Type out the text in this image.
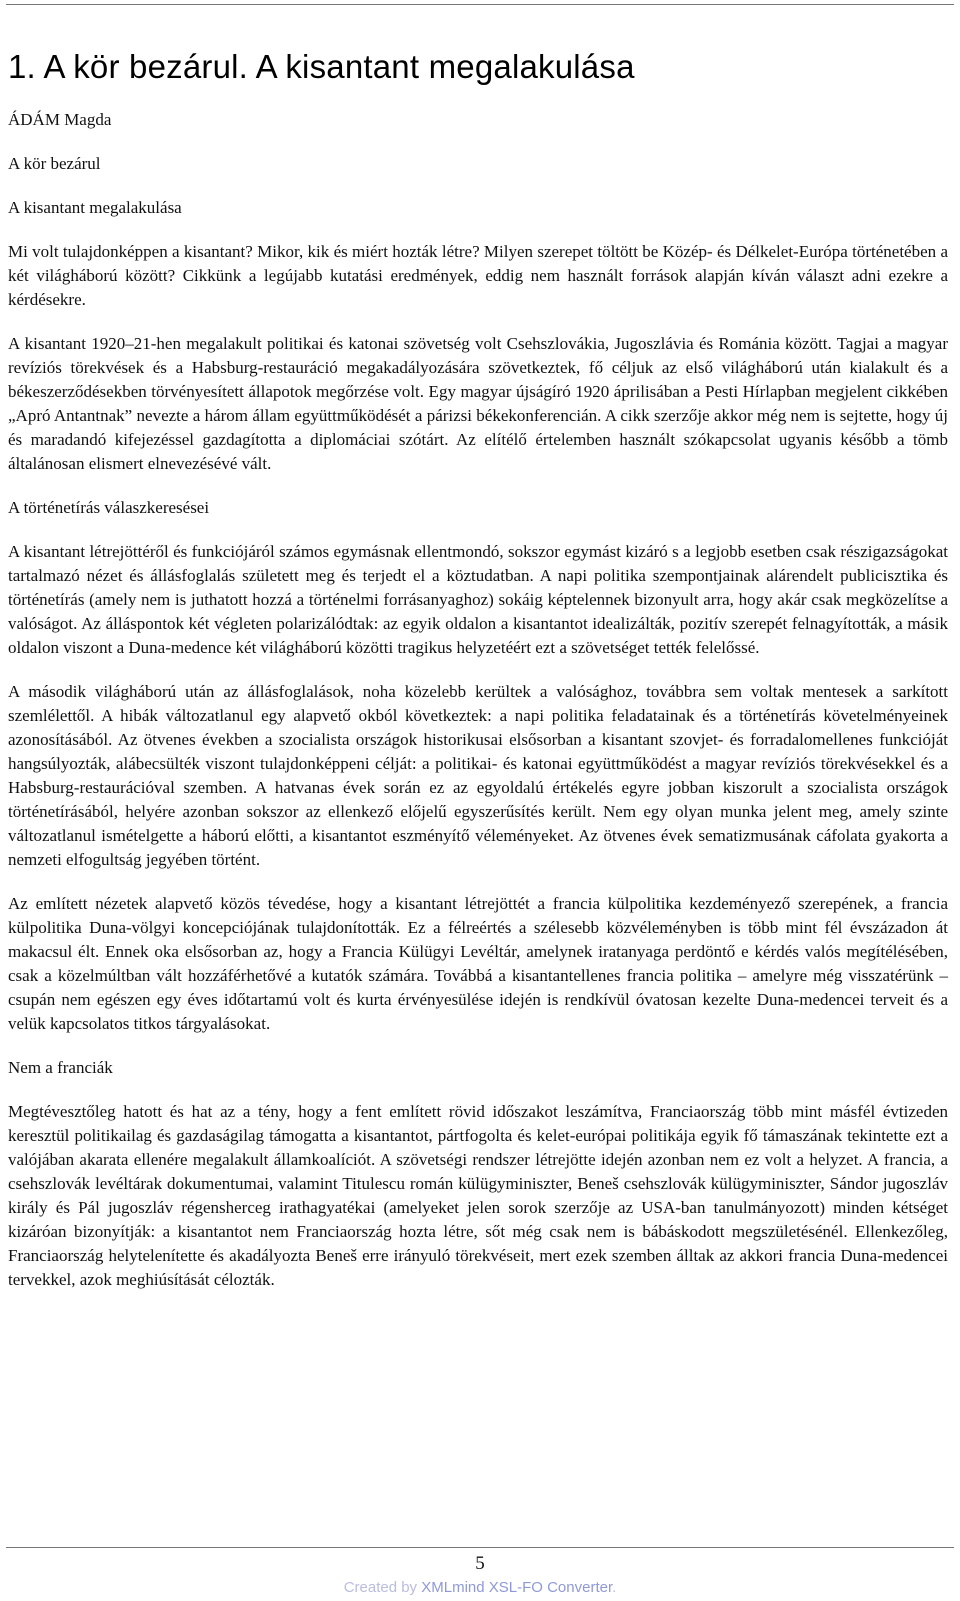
1. A kör bezárul. A kisantant megalakulása

ÁDÁM Magda

A kör bezárul

A kisantant megalakulása

Mi volt tulajdonképpen a kisantant? Mikor, kik és miért hozták létre? Milyen szerepet töltött be Közép- és Délkelet-Európa történetében a két világháború között? Cikkünk a legújabb kutatási eredmények, eddig nem használt források alapján kíván választ adni ezekre a kérdésekre.

A kisantant 1920–21-hen megalakult politikai és katonai szövetség volt Csehszlovákia, Jugoszlávia és Románia között. Tagjai a magyar revíziós törekvések és a Habsburg-restauráció megakadályozására szövetkeztek, fő céljuk az első világháború után kialakult és a békeszerződésekben törvényesített állapotok megőrzése volt. Egy magyar újságíró 1920 áprilisában a Pesti Hírlapban megjelent cikkében „Apró Antantnak” nevezte a három állam együttműködését a párizsi békekonferencián. A cikk szerzője akkor még nem is sejtette, hogy új és maradandó kifejezéssel gazdagította a diplomáciai szótárt. Az elítélő értelemben használt szókapcsolat ugyanis később a tömb általánosan elismert elnevezésévé vált.

A történetírás válaszkeresései

A kisantant létrejöttéről és funkciójáról számos egymásnak ellentmondó, sokszor egymást kizáró s a legjobb esetben csak részigazságokat tartalmazó nézet és állásfoglalás született meg és terjedt el a köztudatban. A napi politika szempontjainak alárendelt publicisztika és történetírás (amely nem is juthatott hozzá a történelmi forrásanyaghoz) sokáig képtelennek bizonyult arra, hogy akár csak megközelítse a valóságot. Az álláspontok két végleten polarizálódtak: az egyik oldalon a kisantantot idealizálták, pozitív szerepét felnagyították, a másik oldalon viszont a Duna-medence két világháború közötti tragikus helyzetéért ezt a szövetséget tették felelőssé.

A második világháború után az állásfoglalások, noha közelebb kerültek a valósághoz, továbbra sem voltak mentesek a sarkított szemlélettől. A hibák változatlanul egy alapvető okból következtek: a napi politika feladatainak és a történetírás követelményeinek azonosításából. Az ötvenes években a szocialista országok historikusai elsősorban a kisantant szovjet- és forradalomellenes funkcióját hangsúlyozták, alábecsülték viszont tulajdonképpeni célját: a politikai- és katonai együttműködést a magyar revíziós törekvésekkel és a Habsburg-restaurációval szemben. A hatvanas évek során ez az egyoldalú értékelés egyre jobban kiszorult a szocialista országok történetírásából, helyére azonban sokszor az ellenkező előjelű egyszerűsítés került. Nem egy olyan munka jelent meg, amely szinte változatlanul ismételgette a háború előtti, a kisantantot eszményítő véleményeket. Az ötvenes évek sematizmusának cáfolata gyakorta a nemzeti elfogultság jegyében történt.

Az említett nézetek alapvető közös tévedése, hogy a kisantant létrejöttét a francia külpolitika kezdeményező szerepének, a francia külpolitika Duna-völgyi koncepciójának tulajdonították. Ez a félreértés a szélesebb közvéleményben is több mint fél évszázadon át makacsul élt. Ennek oka elsősorban az, hogy a Francia Külügyi Levéltár, amelynek iratanyaga perdöntő e kérdés valós megítélésében, csak a közelmúltban vált hozzáférhetővé a kutatók számára. Továbbá a kisantantellenes francia politika – amelyre még visszatérünk – csupán nem egészen egy éves időtartamú volt és kurta érvényesülése idején is rendkívül óvatosan kezelte Duna-medencei terveit és a velük kapcsolatos titkos tárgyalásokat.

Nem a franciák

Megtévesztőleg hatott és hat az a tény, hogy a fent említett rövid időszakot leszámítva, Franciaország több mint másfél évtizeden keresztül politikailag és gazdaságilag támogatta a kisantantot, pártfogolta és kelet-európai politikája egyik fő támaszának tekintette ezt a valójában akarata ellenére megalakult államkoalíciót. A szövetségi rendszer létrejötte idején azonban nem ez volt a helyzet. A francia, a csehszlovák levéltárak dokumentumai, valamint Titulescu román külügyminiszter, Beneš csehszlovák külügyminiszter, Sándor jugoszláv király és Pál jugoszláv régensherceg irathagyatékai (amelyeket jelen sorok szerzője az USA-ban tanulmányozott) minden kétséget kizáróan bizonyítják: a kisantantot nem Franciaország hozta létre, sőt még csak nem is bábáskodott megszületésénél. Ellenkezőleg, Franciaország helytelenítette és akadályozta Beneš erre irányuló törekvéseit, mert ezek szemben álltak az akkori francia Duna-medencei tervekkel, azok meghiúsítását célozták.

5
Created by XMLmind XSL-FO Converter.
